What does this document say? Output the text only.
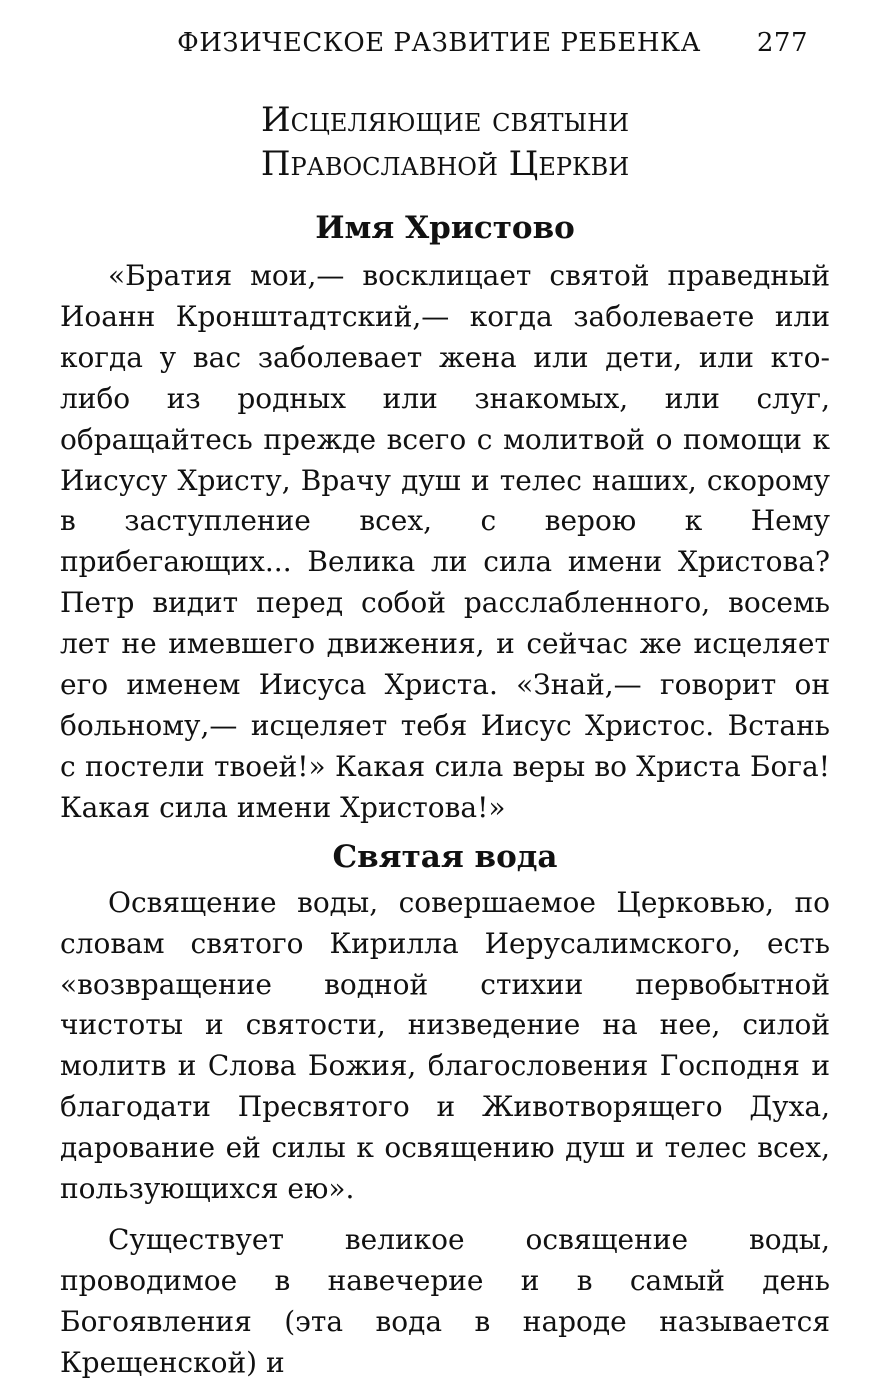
ФИЗИЧЕСКОЕ РАЗВИТИЕ РЕБЕНКА 277
Исцеляющие святыни
Православной Церкви
Имя Христово

«Братия мои,— восклицает святой праведный Иоанн Кронштадтский,— когда заболеваете или когда у вас заболевает жена или дети, или кто-либо из родных или знакомых, или слуг, обращайтесь прежде всего с молитвой о помощи к Иисусу Христу, Врачу душ и телес наших, скорому в заступление всех, с верою к Нему прибегающих... Велика ли сила имени Христова? Петр видит перед собой расслабленного, восемь лет не имевшего движения, и сейчас же исцеляет его именем Иисуса Христа. «Знай,— говорит он больному,— исцеляет тебя Иисус Христос. Встань с постели твоей!» Какая сила веры во Христа Бога! Какая сила имени Христова!»

Святая вода

Освящение воды, совершаемое Церковью, по словам святого Кирилла Иерусалимского, есть «возвращение водной стихии первобытной чистоты и святости, низведение на нее, силой молитв и Слова Божия, благословения Господня и благодати Пресвятого и Животворящего Духа, дарование ей силы к освящению душ и телес всех, пользующихся ею».

Существует великое освящение воды, проводимое в навечерие и в самый день Богоявления (эта вода в народе называется Крещенской) и
